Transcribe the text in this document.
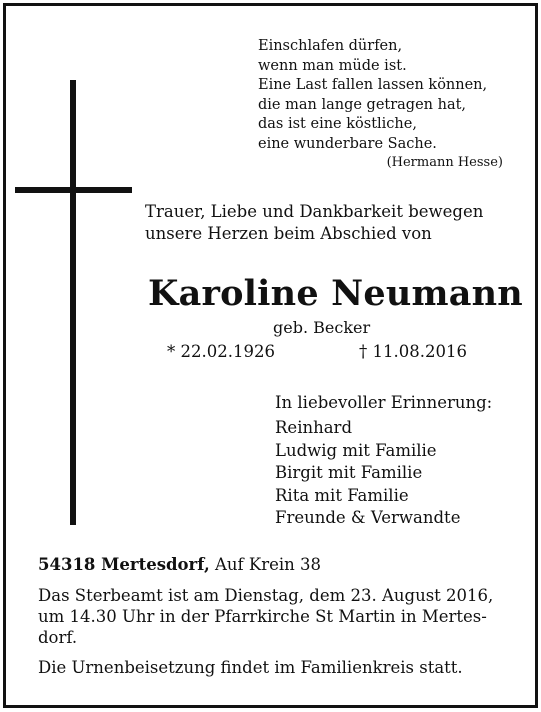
Einschlafen dürfen,
wenn man müde ist.
Eine Last fallen lassen können,
die man lange getragen hat,
das ist eine köstliche,
eine wunderbare Sache.
(Hermann Hesse)
Trauer, Liebe und Dankbarkeit bewegen
unsere Herzen beim Abschied von
Karoline Neumann
geb. Becker
* 22.02.1926	† 11.08.2016
In liebevoller Erinnerung:
Reinhard
Ludwig mit Familie
Birgit mit Familie
Rita mit Familie
Freunde & Verwandte
54318 Mertesdorf, Auf Krein 38
Das Sterbeamt ist am Dienstag, dem 23. August 2016,
um 14.30 Uhr in der Pfarrkirche St Martin in Mertes-
dorf.
Die Urnenbeisetzung findet im Familienkreis statt.
